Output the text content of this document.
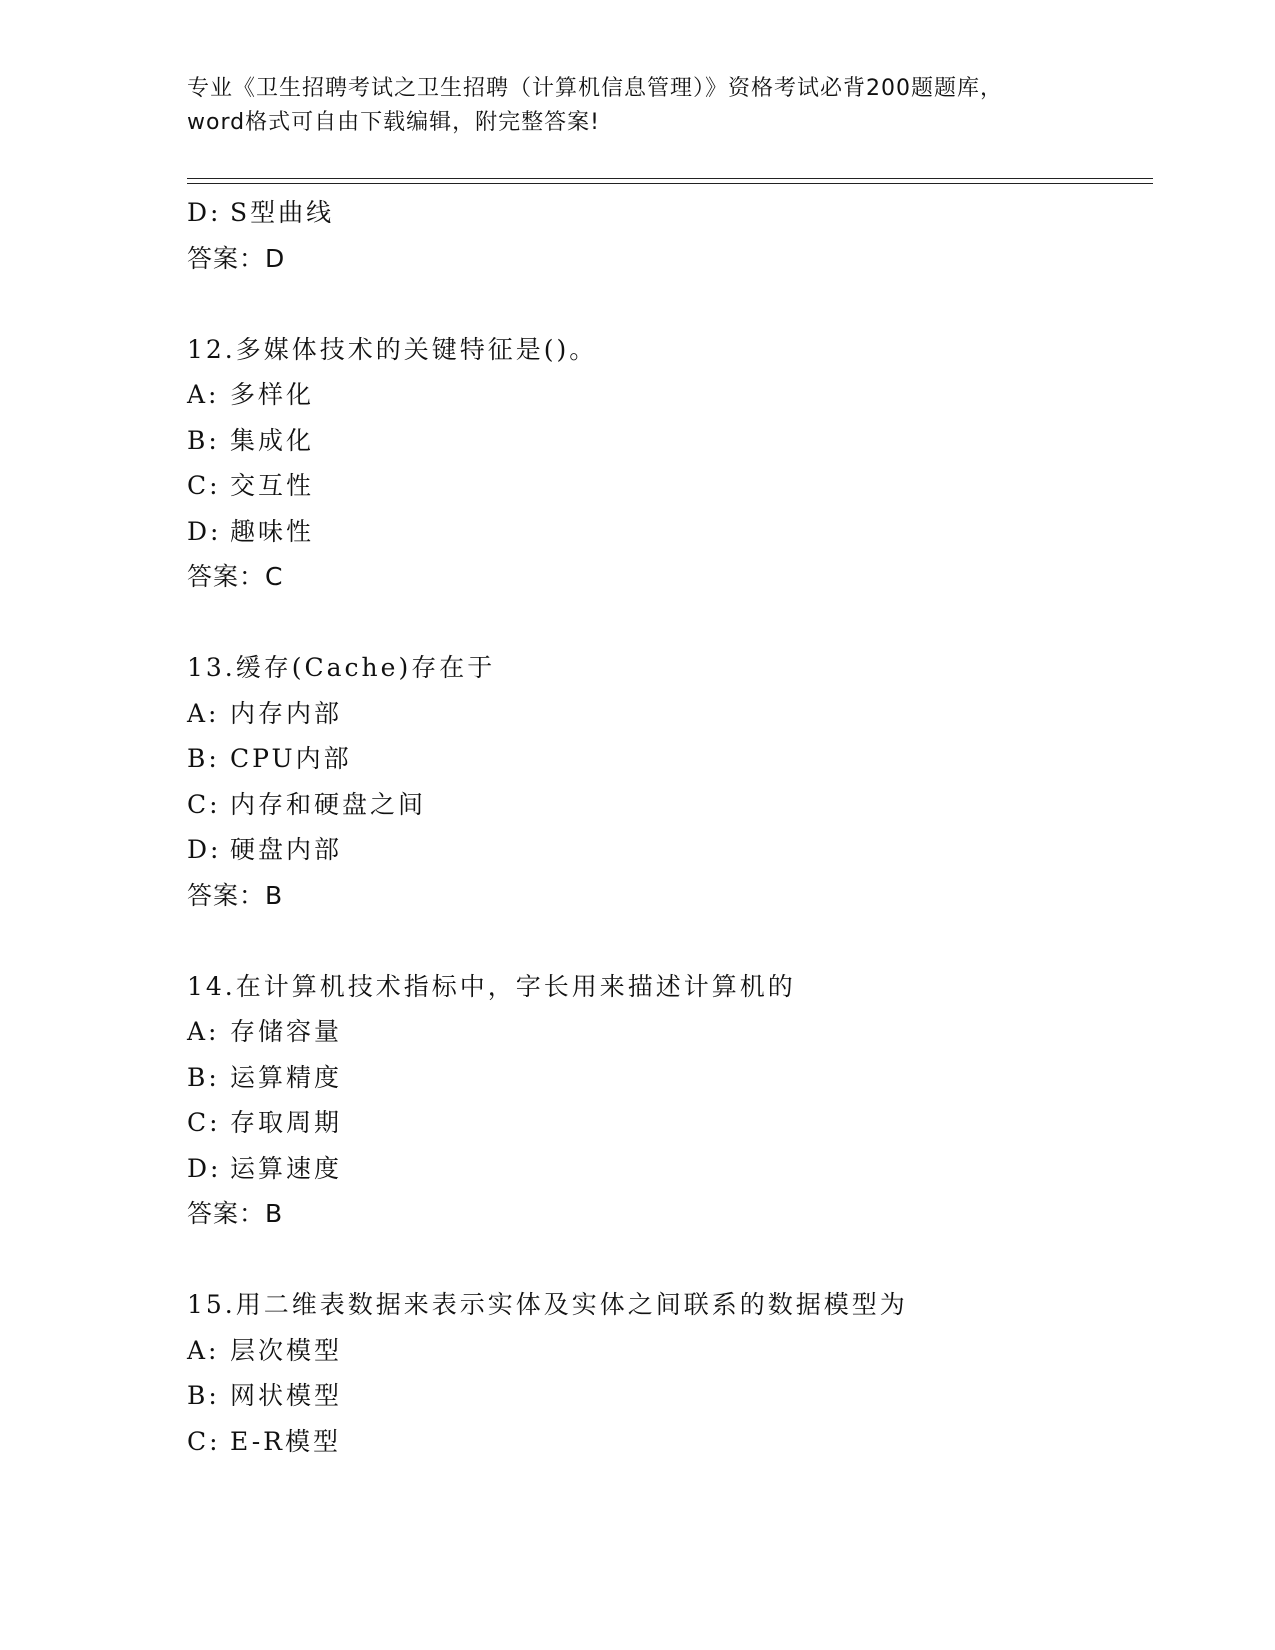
专业《卫生招聘考试之卫生招聘（计算机信息管理）》资格考试必背200题题库，
word格式可自由下载编辑，附完整答案!
D: S型曲线
答案：D
12.多媒体技术的关键特征是()。
A: 多样化
B: 集成化
C: 交互性
D: 趣味性
答案：C
13.缓存(Cache)存在于
A: 内存内部
B: CPU内部
C: 内存和硬盘之间
D: 硬盘内部
答案：B
14.在计算机技术指标中，字长用来描述计算机的
A: 存储容量
B: 运算精度
C: 存取周期
D: 运算速度
答案：B
15.用二维表数据来表示实体及实体之间联系的数据模型为
A: 层次模型
B: 网状模型
C: E-R模型
